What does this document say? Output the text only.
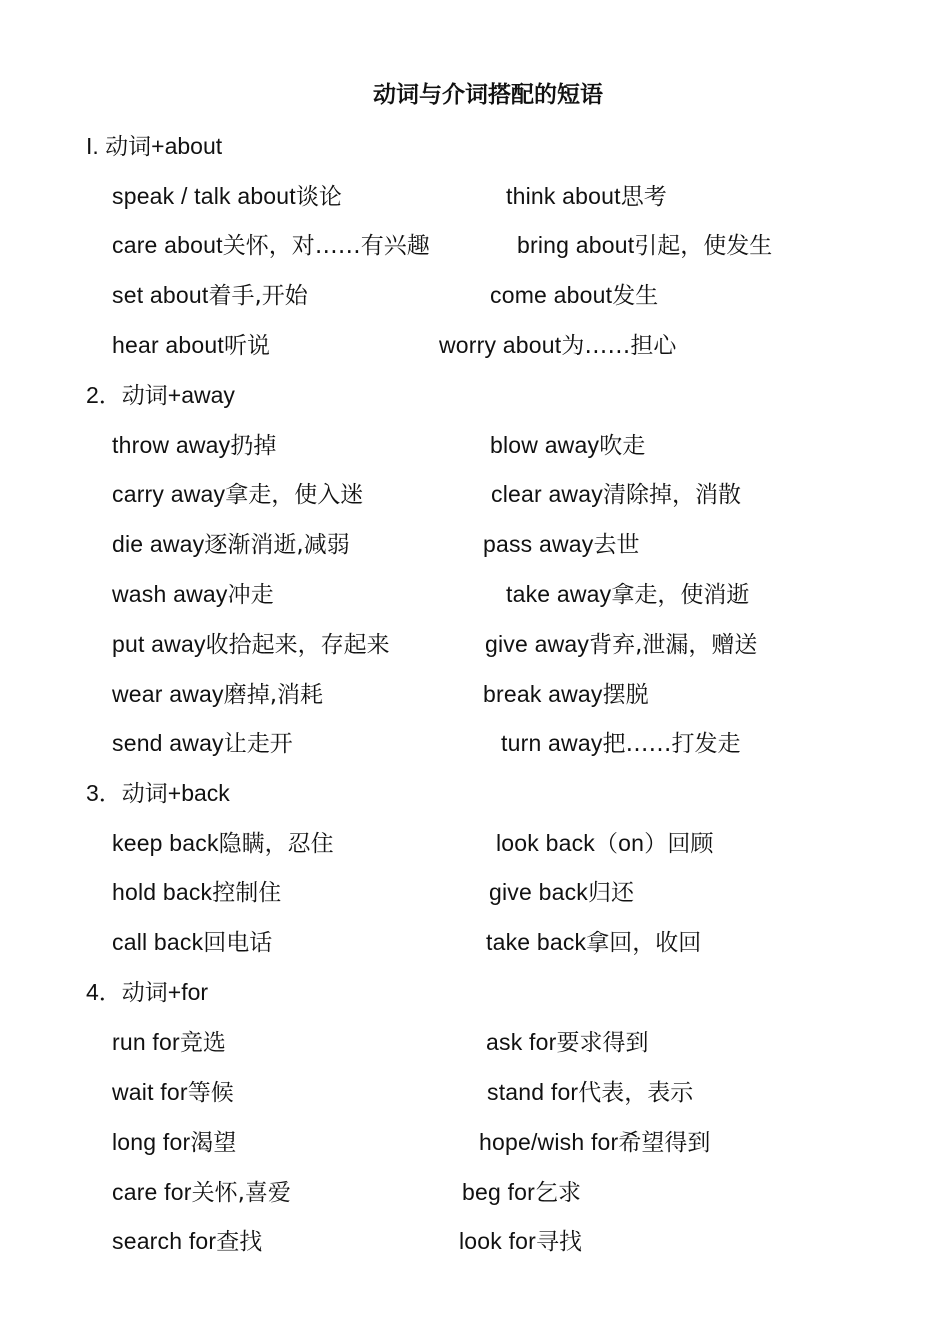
动词与介词搭配的短语
I. 动词+about
speak / talk about谈论	think about思考
care about关怀，对……有兴趣	bring about引起，使发生
set about着手,开始	come about发生
hear about听说	worry about为……担心
2．动词+away
throw away扔掉	blow away吹走
carry away拿走，使入迷	clear away清除掉，消散
die away逐渐消逝,减弱	pass away去世
wash away冲走	take away拿走，使消逝
put away收拾起来，存起来	give away背弃,泄漏，赠送
wear away磨掉,消耗	break away摆脱
send away让走开	turn away把……打发走
3．动词+back
keep back隐瞒，忍住	look back（on）回顾
hold back控制住	give back归还
call back回电话	take back拿回，收回
4．动词+for
run for竞选	ask for要求得到
wait for等候	stand for代表，表示
long for渴望	hope/wish for希望得到
care for关怀,喜爱	beg for乞求
search for查找	look for寻找
